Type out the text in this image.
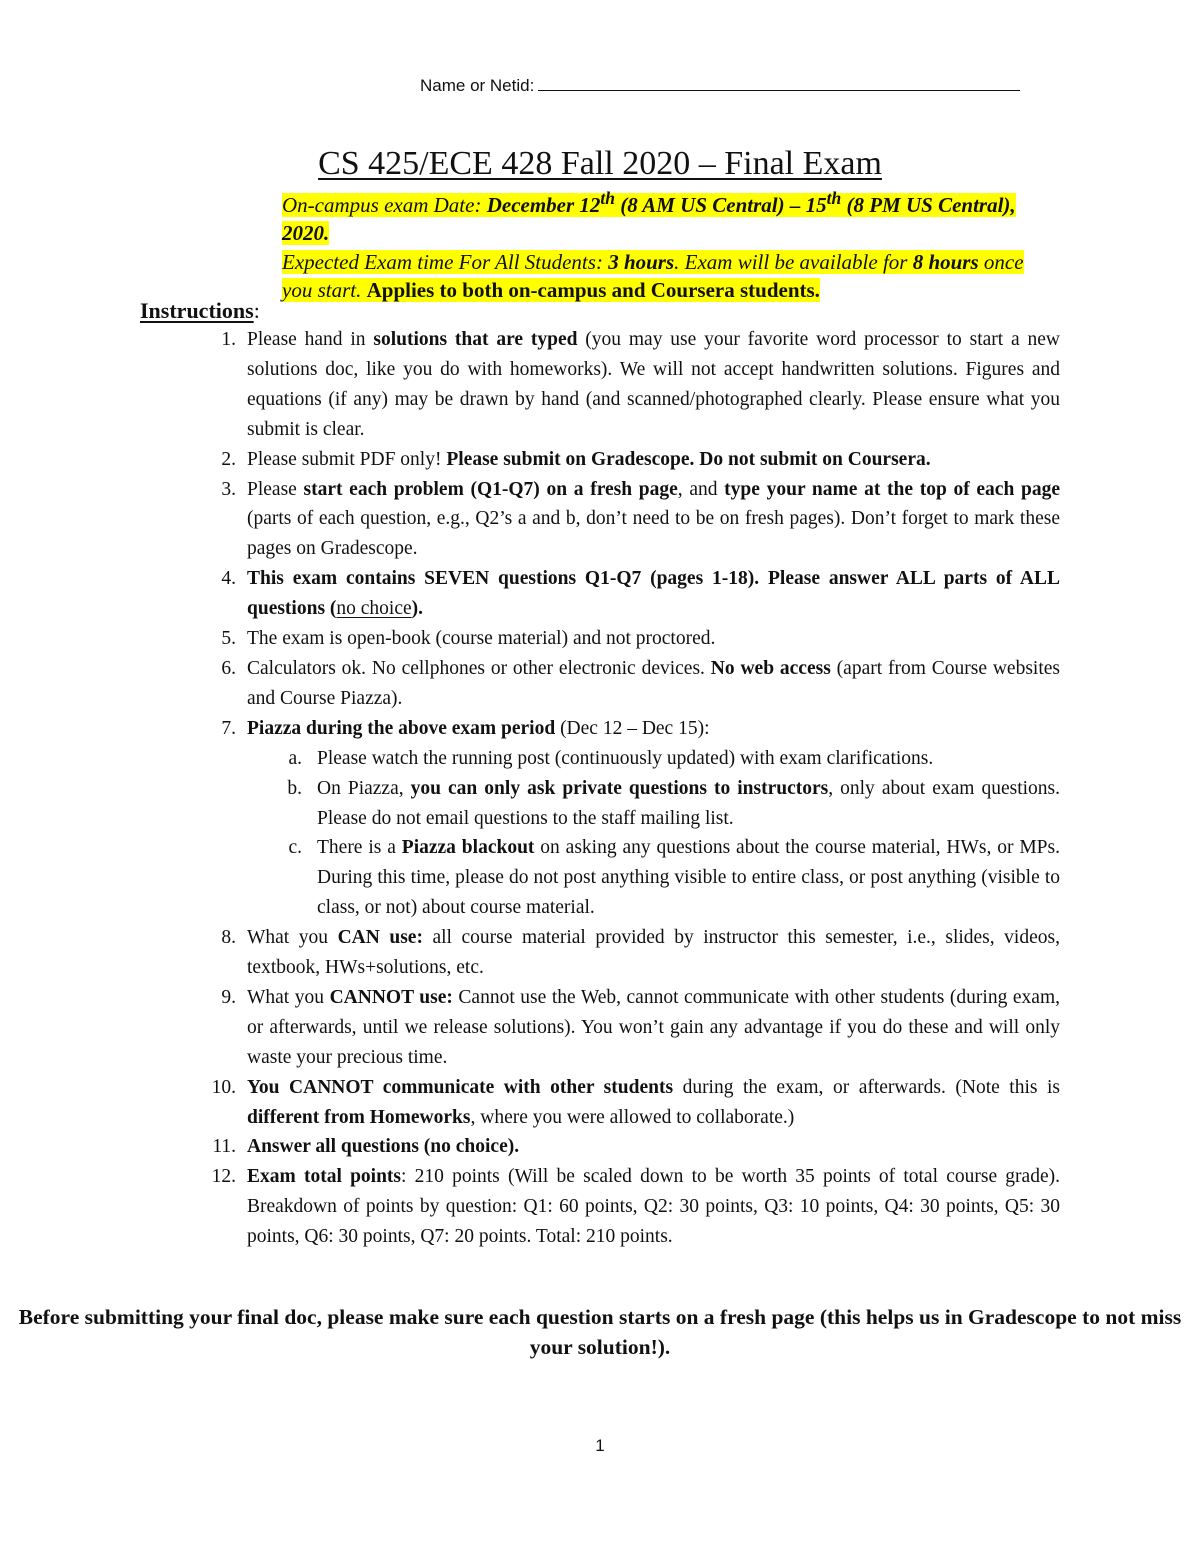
Name or Netid:
CS 425/ECE 428 Fall 2020 – Final Exam
On-campus exam Date: December 12th (8 AM US Central) – 15th (8 PM US Central), 2020.
Expected Exam time For All Students: 3 hours. Exam will be available for 8 hours once you start. Applies to both on-campus and Coursera students.
Instructions:
1. Please hand in solutions that are typed (you may use your favorite word processor to start a new solutions doc, like you do with homeworks). We will not accept handwritten solutions. Figures and equations (if any) may be drawn by hand (and scanned/photographed clearly. Please ensure what you submit is clear.
2. Please submit PDF only! Please submit on Gradescope. Do not submit on Coursera.
3. Please start each problem (Q1-Q7) on a fresh page, and type your name at the top of each page (parts of each question, e.g., Q2’s a and b, don’t need to be on fresh pages). Don’t forget to mark these pages on Gradescope.
4. This exam contains SEVEN questions Q1-Q7 (pages 1-18). Please answer ALL parts of ALL questions (no choice).
5. The exam is open-book (course material) and not proctored.
6. Calculators ok. No cellphones or other electronic devices. No web access (apart from Course websites and Course Piazza).
7. Piazza during the above exam period (Dec 12 – Dec 15):
a. Please watch the running post (continuously updated) with exam clarifications.
b. On Piazza, you can only ask private questions to instructors, only about exam questions. Please do not email questions to the staff mailing list.
c. There is a Piazza blackout on asking any questions about the course material, HWs, or MPs. During this time, please do not post anything visible to entire class, or post anything (visible to class, or not) about course material.
8. What you CAN use: all course material provided by instructor this semester, i.e., slides, videos, textbook, HWs+solutions, etc.
9. What you CANNOT use: Cannot use the Web, cannot communicate with other students (during exam, or afterwards, until we release solutions). You won’t gain any advantage if you do these and will only waste your precious time.
10. You CANNOT communicate with other students during the exam, or afterwards. (Note this is different from Homeworks, where you were allowed to collaborate.)
11. Answer all questions (no choice).
12. Exam total points: 210 points (Will be scaled down to be worth 35 points of total course grade). Breakdown of points by question: Q1: 60 points, Q2: 30 points, Q3: 10 points, Q4: 30 points, Q5: 30 points, Q6: 30 points, Q7: 20 points. Total: 210 points.
Before submitting your final doc, please make sure each question starts on a fresh page (this helps us in Gradescope to not miss your solution!).
1
